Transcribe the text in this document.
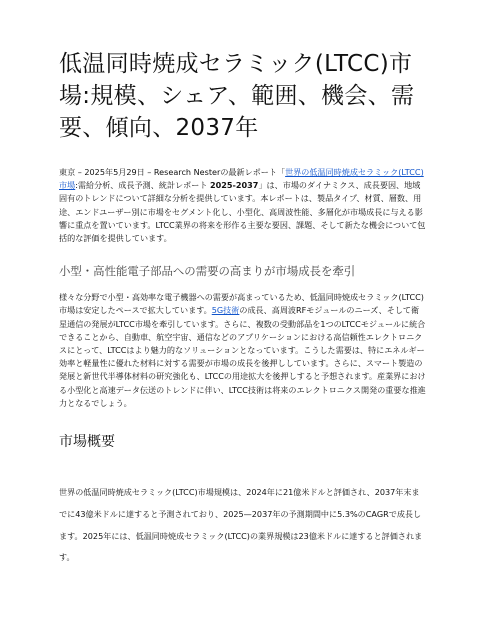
低温同時焼成セラミック(LTCC)市場:規模、シェア、範囲、機会、需要、傾向、2037年

東京 – 2025年5月29日 – Research Nesterの最新レポート「世界の低温同時焼成セラミック(LTCC)市場:需給分析、成長予測、統計レポート 2025-2037」は、市場のダイナミクス、成長要因、地域固有のトレンドについて詳細な分析を提供しています。本レポートは、製品タイプ、材質、層数、用途、エンドユーザー別に市場をセグメント化し、小型化、高周波性能、多層化が市場成長に与える影響に重点を置いています。LTCC業界の将来を形作る主要な要因、課題、そして新たな機会について包括的な評価を提供しています。

小型・高性能電子部品への需要の高まりが市場成長を牽引

様々な分野で小型・高効率な電子機器への需要が高まっているため、低温同時焼成セラミック(LTCC)市場は安定したペースで拡大しています。5G技術の成長、高周波RFモジュールのニーズ、そして衛星通信の発展がLTCC市場を牽引しています。さらに、複数の受動部品を1つのLTCCモジュールに統合できることから、自動車、航空宇宙、通信などのアプリケーションにおける高信頼性エレクトロニクスにとって、LTCCはより魅力的なソリューションとなっています。こうした需要は、特にエネルギー効率と軽量性に優れた材料に対する需要が市場の成長を後押ししています。さらに、スマート製造の発展と新世代半導体材料の研究強化も、LTCCの用途拡大を後押しすると予想されます。産業界における小型化と高速データ伝送のトレンドに伴い、LTCC技術は将来のエレクトロニクス開発の重要な推進力となるでしょう。

市場概要

世界の低温同時焼成セラミック(LTCC)市場規模は、2024年に21億米ドルと評価され、2037年末までに43億米ドルに達すると予測されており、2025—2037年の予測期間中に5.3%のCAGRで成長します。2025年には、低温同時焼成セラミック(LTCC)の業界規模は23億米ドルに達すると評価されます。
